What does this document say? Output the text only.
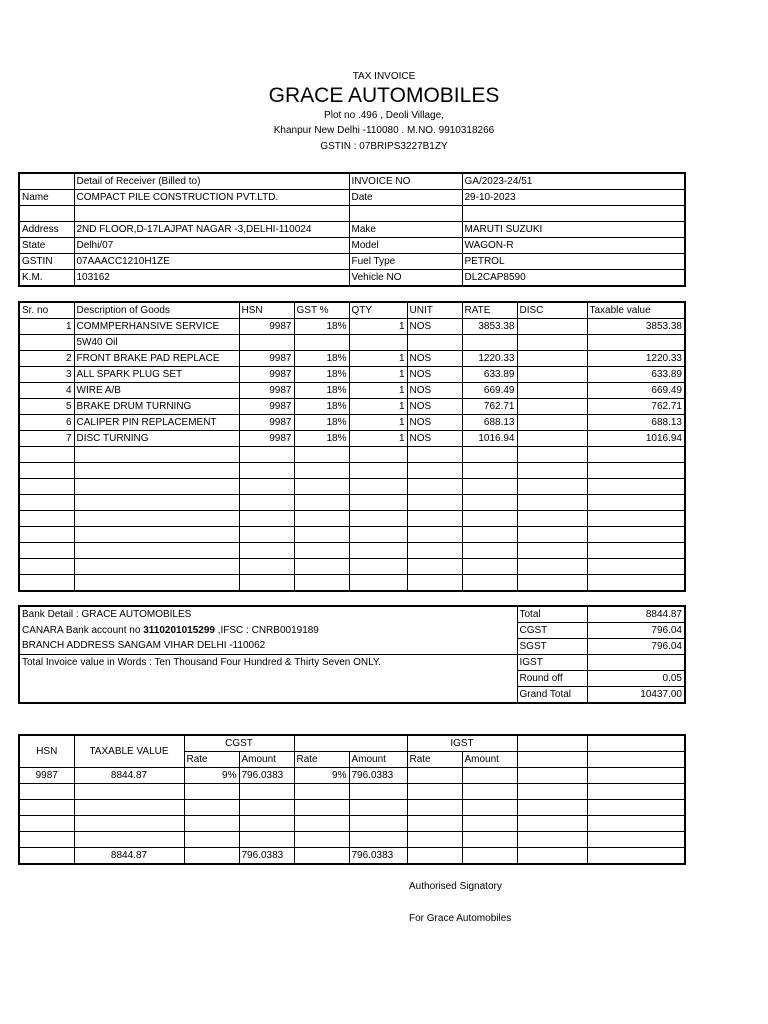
TAX INVOICE
GRACE AUTOMOBILES
Plot no .496 , Deoli Village,
Khanpur New Delhi -110080 . M.NO. 9910318266
GSTIN : 07BRIPS3227B1ZY
	Detail of Receiver (Billed to)	INVOICE NO	GA/2023-24/51
Name	COMPACT PILE CONSTRUCTION PVT.LTD.	Date	29-10-2023

Address	2ND FLOOR,D-17LAJPAT NAGAR -3,DELHI-110024	Make	MARUTI SUZUKI
State	Delhi/07	Model	WAGON-R
GSTIN	07AAACC1210H1ZE	Fuel Type	PETROL
K.M.	103162	Vehicle NO	DL2CAP8590
Sr. no	Description of Goods	HSN	GST %	QTY	UNIT	RATE	DISC	Taxable value
1	COMMPERHANSIVE SERVICE	9987	18%	1	NOS	3853.38		3853.38
	5W40 Oil							
2	FRONT BRAKE PAD REPLACE	9987	18%	1	NOS	1220.33		1220.33
3	ALL SPARK PLUG SET	9987	18%	1	NOS	633.89		633.89
4	WIRE A/B	9987	18%	1	NOS	669.49		669.49
5	BRAKE DRUM TURNING	9987	18%	1	NOS	762.71		762.71
6	CALIPER PIN REPLACEMENT	9987	18%	1	NOS	688.13		688.13
7	DISC TURNING	9987	18%	1	NOS	1016.94		1016.94

Bank Detail : GRACE AUTOMOBILES	Total	8844.87
CANARA Bank account no 3110201015299 ,IFSC : CNRB0019189	CGST	796.04
BRANCH ADDRESS SANGAM VIHAR DELHI -110062	SGST	796.04
Total Invoice value in Words : Ten Thousand Four Hundred & Thirty Seven ONLY.	IGST	
	Round off	0.05
	Grand Total	10437.00
HSN	TAXABLE VALUE	CGST				IGST			
		Rate	Amount	Rate	Amount	Rate	Amount		
9987	8844.87	9%	796.0383	9%	796.0383				

	8844.87		796.0383		796.0383				
Authorised Signatory
For Grace Automobiles
